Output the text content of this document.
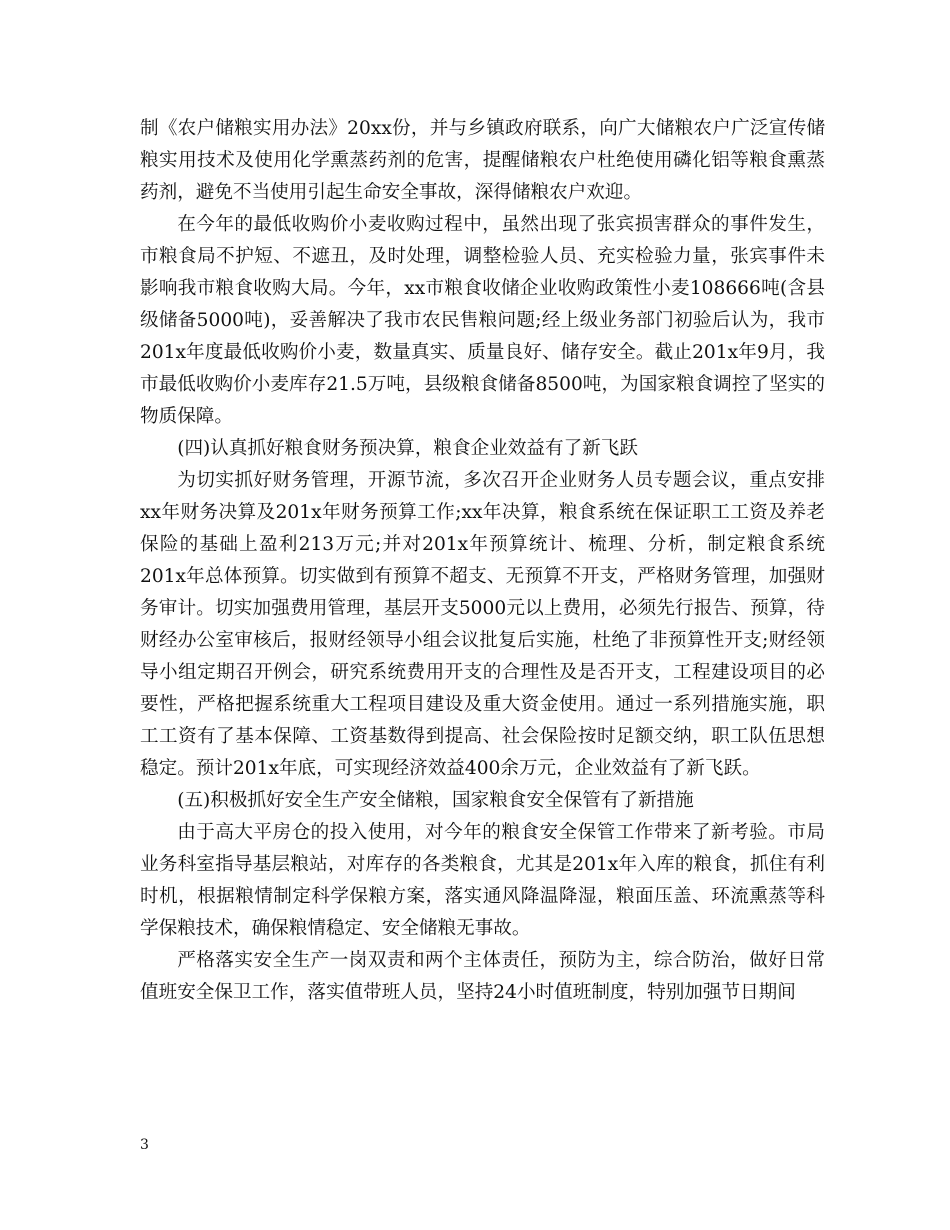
制《农户储粮实用办法》20xx份，并与乡镇政府联系，向广大储粮农户广泛宣传储粮实用技术及使用化学熏蒸药剂的危害，提醒储粮农户杜绝使用磷化铝等粮食熏蒸药剂，避免不当使用引起生命安全事故，深得储粮农户欢迎。

在今年的最低收购价小麦收购过程中，虽然出现了张宾损害群众的事件发生，市粮食局不护短、不遮丑，及时处理，调整检验人员、充实检验力量，张宾事件未影响我市粮食收购大局。今年，xx市粮食收储企业收购政策性小麦108666吨(含县级储备5000吨)，妥善解决了我市农民售粮问题;经上级业务部门初验后认为，我市201x年度最低收购价小麦，数量真实、质量良好、储存安全。截止201x年9月，我市最低收购价小麦库存21.5万吨，县级粮食储备8500吨，为国家粮食调控了坚实的物质保障。

(四)认真抓好粮食财务预决算，粮食企业效益有了新飞跃

为切实抓好财务管理，开源节流，多次召开企业财务人员专题会议，重点安排xx年财务决算及201x年财务预算工作;xx年决算，粮食系统在保证职工工资及养老保险的基础上盈利213万元;并对201x年预算统计、梳理、分析，制定粮食系统201x年总体预算。切实做到有预算不超支、无预算不开支，严格财务管理，加强财务审计。切实加强费用管理，基层开支5000元以上费用，必须先行报告、预算，待财经办公室审核后，报财经领导小组会议批复后实施，杜绝了非预算性开支;财经领导小组定期召开例会，研究系统费用开支的合理性及是否开支，工程建设项目的必要性，严格把握系统重大工程项目建设及重大资金使用。通过一系列措施实施，职工工资有了基本保障、工资基数得到提高、社会保险按时足额交纳，职工队伍思想稳定。预计201x年底，可实现经济效益400余万元，企业效益有了新飞跃。

(五)积极抓好安全生产安全储粮，国家粮食安全保管有了新措施

由于高大平房仓的投入使用，对今年的粮食安全保管工作带来了新考验。市局业务科室指导基层粮站，对库存的各类粮食，尤其是201x年入库的粮食，抓住有利时机，根据粮情制定科学保粮方案，落实通风降温降湿，粮面压盖、环流熏蒸等科学保粮技术，确保粮情稳定、安全储粮无事故。

严格落实安全生产一岗双责和两个主体责任，预防为主，综合防治，做好日常值班安全保卫工作，落实值带班人员，坚持24小时值班制度，特别加强节日期间

3
